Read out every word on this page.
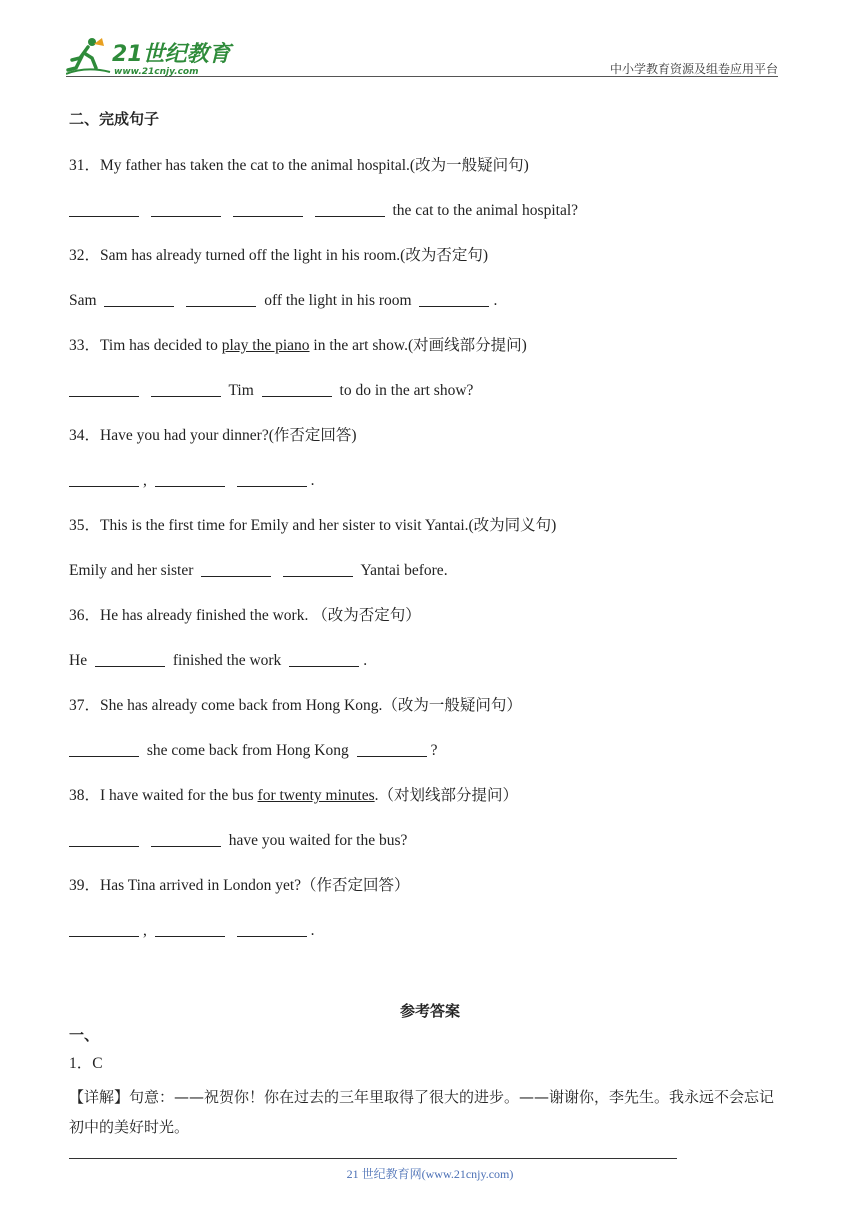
21世纪教育
www.21cnjy.com	中小学教育资源及组卷应用平台
二、完成句子
31．My father has taken the cat to the animal hospital.(改为一般疑问句)
the cat to the animal hospital?
32．Sam has already turned off the light in his room.(改为否定句)
Sam	off the light in his room	.
33．Tim has decided to play the piano in the art show.(对画线部分提问)
Tim	to do in the art show?
34．Have you had your dinner?(作否定回答)
,	.
35．This is the first time for Emily and her sister to visit Yantai.(改为同义句)
Emily and her sister	Yantai before.
36．He has already finished the work. （改为否定句）
He	finished the work	.
37．She has already come back from Hong Kong.（改为一般疑问句）
she come back from Hong Kong	?
38．I have waited for the bus for twenty minutes.（对划线部分提问）
have you waited for the bus?
39．Has Tina arrived in London yet?（作否定回答）
,	.
参考答案
一、
1．C
【详解】句意：——祝贺你！你在过去的三年里取得了很大的进步。——谢谢你，李先生。我永远不会忘记初中的美好时光。
21 世纪教育网(www.21cnjy.com)
